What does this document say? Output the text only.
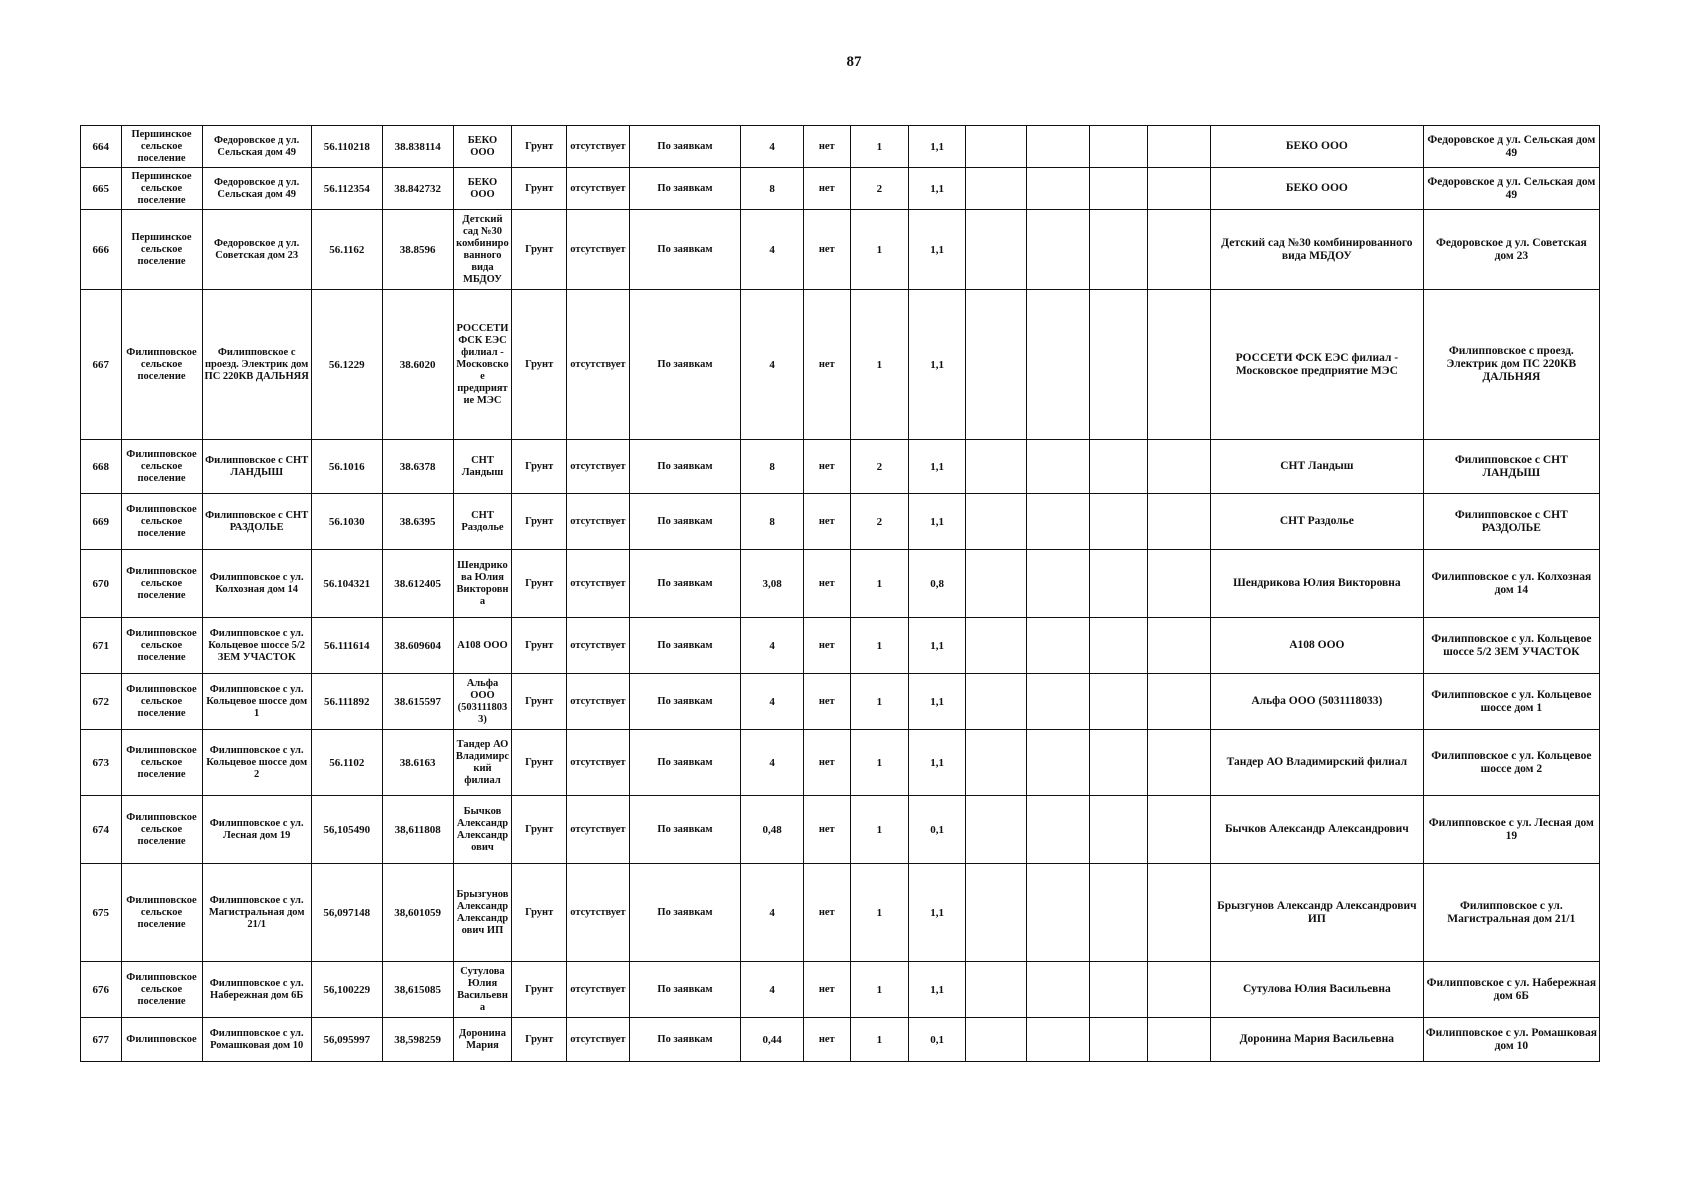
87
664	Першинское сельское поселение	Федоровское д ул. Сельская дом 49	56.110218	38.838114	БЕКО ООО	Грунт	отсутствует	По заявкам	4	нет	1	1,1					БЕКО ООО	Федоровское д ул. Сельская дом 49
665	Першинское сельское поселение	Федоровское д ул. Сельская дом 49	56.112354	38.842732	БЕКО ООО	Грунт	отсутствует	По заявкам	8	нет	2	1,1					БЕКО ООО	Федоровское д ул. Сельская дом 49
666	Першинское сельское поселение	Федоровское д ул. Советская дом 23	56.1162	38.8596	Детский сад №30 комбинированного вида МБДОУ	Грунт	отсутствует	По заявкам	4	нет	1	1,1					Детский сад №30 комбинированного вида МБДОУ	Федоровское д ул. Советская дом 23
667	Филипповское сельское поселение	Филипповское с проезд. Электрик дом ПС 220КВ ДАЛЬНЯЯ	56.1229	38.6020	РОССЕТИ ФСК ЕЭС филиал - Московское предприятие МЭС	Грунт	отсутствует	По заявкам	4	нет	1	1,1					РОССЕТИ ФСК ЕЭС филиал - Московское предприятие МЭС	Филипповское с проезд. Электрик дом ПС 220КВ ДАЛЬНЯЯ
668	Филипповское сельское поселение	Филипповское с СНТ ЛАНДЫШ	56.1016	38.6378	СНТ Ландыш	Грунт	отсутствует	По заявкам	8	нет	2	1,1					СНТ Ландыш	Филипповское с СНТ ЛАНДЫШ
669	Филипповское сельское поселение	Филипповское с СНТ РАЗДОЛЬЕ	56.1030	38.6395	СНТ Раздолье	Грунт	отсутствует	По заявкам	8	нет	2	1,1					СНТ Раздолье	Филипповское с СНТ РАЗДОЛЬЕ
670	Филипповское сельское поселение	Филипповское с ул. Колхозная дом 14	56.104321	38.612405	Шендрикова Юлия Викторовна	Грунт	отсутствует	По заявкам	3,08	нет	1	0,8					Шендрикова Юлия Викторовна	Филипповское с ул. Колхозная дом 14
671	Филипповское сельское поселение	Филипповское с ул. Кольцевое шоссе 5/2 ЗЕМ УЧАСТОК	56.111614	38.609604	А108 ООО	Грунт	отсутствует	По заявкам	4	нет	1	1,1					А108 ООО	Филипповское с ул. Кольцевое шоссе 5/2 ЗЕМ УЧАСТОК
672	Филипповское сельское поселение	Филипповское с ул. Кольцевое шоссе дом 1	56.111892	38.615597	Альфа ООО (5031118033)	Грунт	отсутствует	По заявкам	4	нет	1	1,1					Альфа ООО (5031118033)	Филипповское с ул. Кольцевое шоссе дом 1
673	Филипповское сельское поселение	Филипповское с ул. Кольцевое шоссе дом 2	56.1102	38.6163	Тандер АО Владимирский филиал	Грунт	отсутствует	По заявкам	4	нет	1	1,1					Тандер АО Владимирский филиал	Филипповское с ул. Кольцевое шоссе дом 2
674	Филипповское сельское поселение	Филипповское с ул. Лесная дом 19	56,105490	38,611808	Бычков Александр Александрович	Грунт	отсутствует	По заявкам	0,48	нет	1	0,1					Бычков Александр Александрович	Филипповское с ул. Лесная дом 19
675	Филипповское сельское поселение	Филипповское с ул. Магистральная дом 21/1	56,097148	38,601059	Брызгунов Александр Александрович ИП	Грунт	отсутствует	По заявкам	4	нет	1	1,1					Брызгунов Александр Александрович ИП	Филипповское с ул. Магистральная дом 21/1
676	Филипповское сельское поселение	Филипповское с ул. Набережная дом 6Б	56,100229	38,615085	Сутулова Юлия Васильевна	Грунт	отсутствует	По заявкам	4	нет	1	1,1					Сутулова Юлия Васильевна	Филипповское с ул. Набережная дом 6Б
677	Филипповское	Филипповское с ул. Ромашковая дом 10	56,095997	38,598259	Доронина Мария	Грунт	отсутствует	По заявкам	0,44	нет	1	0,1					Доронина Мария Васильевна	Филипповское с ул. Ромашковая дом 10
